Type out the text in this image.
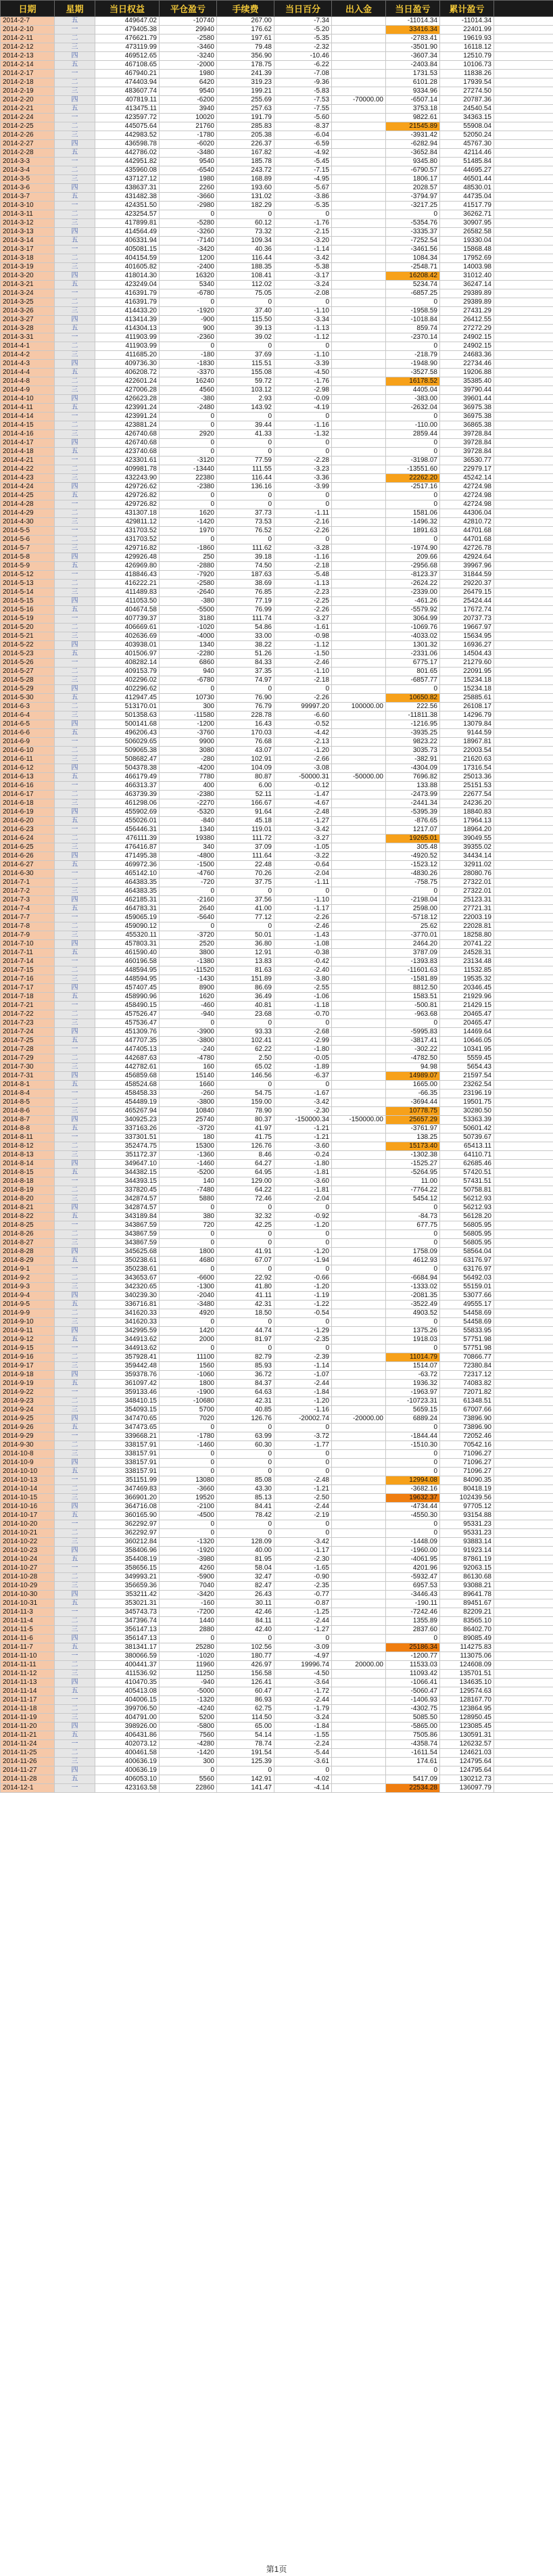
日期	星期	当日权益	平仓盈亏	手续费	当日百分	出入金	当日盈亏	累计盈亏	
2014-2-7	五	449647.02	-10740	267.00	-7.34		-11014.34	-11014.34	
2014-2-10	一	479405.38	29940	176.62	-5.20		33416.34	22401.99	
2014-2-11	二	476621.79	-2580	197.61	-5.35		-2783.41	19619.93	
2014-2-12	三	473119.99	-3460	79.48	-2.32		-3501.90	16118.12	
2014-2-13	四	469512.65	-3240	356.90	-10.46		-3607.34	12510.79	
2014-2-14	五	467108.65	-2000	178.75	-6.22		-2403.84	10106.73	
2014-2-17	一	467940.21	1980	241.39	-7.08		1731.53	11838.26	
2014-2-18	二	474403.94	6420	319.23	-9.36		6101.28	17939.54	
2014-2-19	三	483607.74	9540	199.21	-5.83		9334.96	27274.50	
2014-2-20	四	407819.11	-6200	255.69	-7.53	-70000.00	-6507.14	20787.36	
2014-2-21	五	413475.11	3940	257.63	-7.55		3753.18	24540.54	
2014-2-24	一	423597.72	10020	191.79	-5.60		9822.61	34363.15	
2014-2-25	二	445075.64	21760	285.83	-8.37		21545.89	55908.04	
2014-2-26	三	442983.52	-1780	205.38	-6.04		-3931.42	52050.24	
2014-2-27	四	436598.78	-6020	226.37	-6.59		-6282.94	45767.30	
2014-2-28	五	442786.02	-3480	167.82	-4.92		-3652.84	42114.46	
2014-3-3	一	442951.82	9540	185.78	-5.45		9345.80	51485.84	
2014-3-4	二	435960.08	-6540	243.72	-7.15		-6790.57	44695.27	
2014-3-5	三	437127.12	1980	168.89	-4.95		1806.17	46501.44	
2014-3-6	四	438637.31	2260	193.60	-5.67		2028.57	48530.01	
2014-3-7	五	431482.38	-3660	131.02	-3.86		-3794.97	44735.04	
2014-3-10	一	424351.50	-2980	182.29	-5.35		-3217.25	41517.79	
2014-3-11	二	423254.57	0	0	0		0	36262.71	
2014-3-12	三	417899.81	-5280	60.12	-1.76		-5354.76	30907.95	
2014-3-13	四	414564.49	-3260	73.32	-2.15		-3335.37	26582.58	
2014-3-14	五	406331.94	-7140	109.34	-3.20		-7252.54	19330.04	
2014-3-17	一	405081.15	-3420	40.36	-1.14		-3461.56	15868.48	
2014-3-18	二	404154.59	1200	116.44	-3.42		1084.34	17952.69	
2014-3-19	三	401605.82	-2400	188.35	-5.38		-2548.71	14003.98	
2014-3-20	四	418014.30	16320	108.41	-3.17		16208.42	31012.40	
2014-3-21	五	423249.04	5340	112.02	-3.24		5234.74	36247.14	
2014-3-24	一	416391.79	-6780	75.05	-2.08		-6857.25	29389.89	
2014-3-25	二	416391.79	0	0	0		0	29389.89	
2014-3-26	三	414433.20	-1920	37.40	-1.10		-1958.59	27431.29	
2014-3-27	四	413414.39	-900	115.50	-3.34		-1018.84	26412.55	
2014-3-28	五	414304.13	900	39.13	-1.13		859.74	27272.29	
2014-3-31	一	411903.99	-2360	39.02	-1.12		-2370.14	24902.15	
2014-4-1	二	411903.99	0	0	0		0	24902.15	
2014-4-2	三	411685.20	-180	37.69	-1.10		-218.79	24683.36	
2014-4-3	四	409736.30	-1830	115.51	-3.39		-1948.90	22734.46	
2014-4-4	五	406208.72	-3370	155.08	-4.50		-3527.58	19206.88	
2014-4-8	二	422601.24	16240	59.72	-1.76		16178.52	35385.40	
2014-4-9	三	427006.28	4560	103.12	-2.98		4405.04	39790.44	
2014-4-10	四	426623.28	-380	2.93	-0.09		-383.00	39601.44	
2014-4-11	五	423991.24	-2480	143.92	-4.19		-2632.04	36975.38	
2014-4-14	一	423991.24	0	0	0		0	36975.38	
2014-4-15	二	423881.24	0	39.44	-1.16		-110.00	36865.38	
2014-4-16	三	426740.68	2920	41.33	-1.32		2859.44	39728.84	
2014-4-17	四	426740.68	0	0	0		0	39728.84	
2014-4-18	五	423740.68	0	0	0		0	39728.84	
2014-4-21	一	423301.61	-3120	77.59	-2.28		-3198.07	36530.77	
2014-4-22	二	409981.78	-13440	111.55	-3.23		-13551.60	22979.17	
2014-4-23	三	432243.90	22380	116.44	-3.36		22262.20	45242.14	
2014-4-24	四	429726.62	-2380	136.16	-3.99		-2517.16	42724.98	
2014-4-25	五	429726.82	0	0	0		0	42724.98	
2014-4-28	一	429726.82	0	0	0		0	42724.98	
2014-4-29	二	431307.18	1620	37.73	-1.11		1581.06	44306.04	
2014-4-30	三	429811.12	-1420	73.53	-2.16		-1496.32	42810.72	
2014-5-5	一	431703.52	1970	76.52	-2.26		1891.63	44701.68	
2014-5-6	二	431703.52	0	0	0		0	44701.68	
2014-5-7	三	429716.82	-1860	111.62	-3.28		-1974.90	42726.78	
2014-5-8	四	429926.48	250	39.18	-1.16		209.66	42924.64	
2014-5-9	五	426969.80	-2880	74.50	-2.18		-2956.68	39967.96	
2014-5-12	一	418846.43	-7920	187.63	-5.48		-8123.37	31844.59	
2014-5-13	二	416222.21	-2580	38.69	-1.13		-2624.22	29220.37	
2014-5-14	三	411489.83	-2640	76.85	-2.23		-2339.00	26479.15	
2014-5-15	四	411053.50	-380	77.19	-2.25		-461.26	25424.44	
2014-5-16	五	404674.58	-5500	76.99	-2.26		-5579.92	17672.74	
2014-5-19	一	407739.37	3180	111.74	-3.27		3064.99	20737.73	
2014-5-20	二	406669.61	-1020	54.86	-1.61		-1069.76	19667.97	
2014-5-21	三	402636.69	-4000	33.00	-0.98		-4033.02	15634.95	
2014-5-22	四	403938.01	1340	38.22	-1.12		1301.32	16936.27	
2014-5-23	五	401506.97	-2280	51.26	-1.50		-2331.06	14504.43	
2014-5-26	一	408282.14	6860	84.33	-2.46		6775.17	21279.60	
2014-5-27	二	409153.79	940	37.35	-1.10		801.65	22091.95	
2014-5-28	三	402296.02	-6780	74.97	-2.18		-6857.77	15234.18	
2014-5-29	四	402296.62	0	0	0		0	15234.18	
2014-5-30	五	412947.45	10730	76.90	-2.26		10650.82	25885.61	
2014-6-3	二	513170.01	300	76.79	99997.20	100000.00	222.56	26108.17	
2014-6-4	三	501358.63	-11580	228.78	-6.60		-11811.38	14296.79	
2014-6-5	四	500141.68	-1200	16.43	-0.52		-1216.95	13079.84	
2014-6-6	五	496206.43	-3760	170.03	-4.42		-3935.25	9144.59	
2014-6-9	一	506029.65	9900	76.68	-2.13		9823.22	18967.81	
2014-6-10	二	509065.38	3080	43.07	-1.20		3035.73	22003.54	
2014-6-11	三	508682.47	-280	102.91	-2.66		-382.91	21620.63	
2014-6-12	四	504378.38	-4200	104.09	-3.08		-4304.09	17316.54	
2014-6-13	五	466179.49	7780	80.87	-50000.31	-50000.00	7696.82	25013.36	
2014-6-16	一	466313.37	400	6.00	-0.12		133.88	25151.53	
2014-6-17	二	463739.39	-2380	52.11	-1.47		-2473.99	22677.54	
2014-6-18	三	461298.06	-2270	166.67	-4.67		-2441.34	24236.20	
2014-6-19	四	455902.69	-5320	91.64	-2.48		-5395.39	18840.83	
2014-6-20	五	455026.01	-840	45.18	-1.27		-876.65	17964.13	
2014-6-23	一	456446.31	1340	119.01	-3.42		1217.07	18964.20	
2014-6-24	二	476111.39	19380	111.72	-3.27		19265.01	39049.55	
2014-6-25	三	476416.87	340	37.09	-1.05		305.48	39355.02	
2014-6-26	四	471495.38	-4800	111.64	-3.22		-4920.52	34434.14	
2014-6-27	五	469972.36	-1500	22.48	-0.64		-1523.12	32911.02	
2014-6-30	一	465142.10	-4760	70.26	-2.04		-4830.26	28080.76	
2014-7-1	二	464383.35	-720	37.75	-1.11		-758.75	27322.01	
2014-7-2	三	464383.35	0	0	0		0	27322.01	
2014-7-3	四	462185.31	-2160	37.56	-1.10		-2198.04	25123.31	
2014-7-4	五	464783.31	2640	41.00	-1.17		2598.00	27721.31	
2014-7-7	一	459065.19	-5640	77.12	-2.26		-5718.12	22003.19	
2014-7-8	二	459090.12	0	0	-2.46		25.62	22028.81	
2014-7-9	三	455320.11	-3720	50.01	-1.43		-3770.01	18258.80	
2014-7-10	四	457803.31	2520	36.80	-1.08		2464.20	20741.22	
2014-7-11	五	461590.40	3800	12.91	-0.38		3787.09	24528.31	
2014-7-14	一	460196.58	-1380	13.83	-0.42		-1393.83	23134.48	
2014-7-15	二	448594.95	-11520	81.63	-2.40		-11601.63	11532.85	
2014-7-16	三	448594.95	-1430	151.89	-3.80		-1581.89	19535.32	
2014-7-17	四	457407.45	8900	86.69	-2.55		8812.50	20346.45	
2014-7-18	五	458990.96	1620	36.49	-1.06		1583.51	21929.96	
2014-7-21	一	458490.15	-460	40.81	-1.18		-500.81	21429.15	
2014-7-22	二	457526.47	-940	23.68	-0.70		-963.68	20465.47	
2014-7-23	三	457536.47	0	0	0		0	20465.47	
2014-7-24	四	451309.76	-3900	93.33	-2.68		-5995.83	14469.64	
2014-7-25	五	447707.35	-3800	102.41	-2.99		-3817.41	10646.05	
2014-7-28	一	447405.13	-240	62.22	-1.80		-302.22	10341.95	
2014-7-29	二	442687.63	-4780	2.50	-0.05		-4782.50	5559.45	
2014-7-30	三	442782.61	160	65.02	-1.89		94.98	5654.43	
2014-7-31	四	456859.68	15140	146.56	-6.37		14989.07	21597.54	
2014-8-1	五	458524.68	1660	0	0		1665.00	23262.54	
2014-8-4	一	458458.33	-260	54.75	-1.67		-66.35	23196.19	
2014-8-5	二	454489.19	-3800	159.00	-3.42		-3694.44	19501.75	
2014-8-6	三	465267.94	10840	78.90	-2.30		10778.75	30280.50	
2014-8-7	四	340925.23	25740	80.37	-150000.34	-150000.00	25657.29	53363.39	
2014-8-8	五	337163.26	-3720	41.97	-1.21		-3761.97	50601.42	
2014-8-11	一	337301.51	180	41.75	-1.21		138.25	50739.67	
2014-8-12	二	352474.75	15300	126.76	-3.60		15173.40	65413.11	
2014-8-13	三	351172.37	-1360	8.46	-0.24		-1302.38	64110.71	
2014-8-14	四	349647.10	-1460	64.27	-1.80		-1525.27	62685.46	
2014-8-15	五	344382.15	-5200	64.95	-1.81		-5264.95	57420.51	
2014-8-18	一	344393.15	140	129.00	-3.60		11.00	57431.51	
2014-8-19	二	337820.45	-7480	64.22	-1.81		-7764.22	50758.81	
2014-8-20	三	342874.57	5880	72.46	-2.04		5454.12	56212.93	
2014-8-21	四	342874.57	0	0	0		0	56212.93	
2014-8-22	五	343189.84	380	32.32	-0.92		-84.73	56128.20	
2014-8-25	一	343867.59	720	42.25	-1.20		677.75	56805.95	
2014-8-26	二	343867.59	0	0	0		0	56805.95	
2014-8-27	三	343867.59	0	0	0		0	56805.95	
2014-8-28	四	345625.68	1800	41.91	-1.20		1758.09	58564.04	
2014-8-29	五	350238.61	4680	67.07	-1.94		4612.93	63176.97	
2014-9-1	一	350238.61	0	0	0		0	63176.97	
2014-9-2	二	343653.67	-6600	22.92	-0.66		-6684.94	56492.03	
2014-9-3	三	342320.65	-1300	41.80	-1.20		-1333.02	55159.01	
2014-9-4	四	340239.30	-2040	41.11	-1.19		-2081.35	53077.66	
2014-9-5	五	336716.81	-3480	42.31	-1.22		-3522.49	49555.17	
2014-9-9	二	341620.33	4920	18.50	-0.54		4903.52	54458.69	
2014-9-10	三	341620.33	0	0	0		0	54458.69	
2014-9-11	四	342995.59	1420	44.74	-1.29		1375.26	55833.95	
2014-9-12	五	344913.62	2000	81.97	-2.35		1918.03	57751.98	
2014-9-15	一	344913.62	0	0	0		0	57751.98	
2014-9-16	二	357928.41	11100	82.79	-2.39		11014.79	70866.77	
2014-9-17	三	359442.48	1560	85.93	-1.14		1514.07	72380.84	
2014-9-18	四	359378.76	-1060	36.72	-1.07		-63.72	72317.12	
2014-9-19	五	361097.42	1800	84.37	-2.44		1936.32	74083.82	
2014-9-22	一	359133.46	-1900	64.63	-1.84		-1963.97	72071.82	
2014-9-23	二	348410.15	-10680	42.31	-1.20		-10723.31	61348.51	
2014-9-24	三	354093.15	5700	40.85	-1.16		5659.15	67007.66	
2014-9-25	四	347470.65	7020	126.76	-20002.74	-20000.00	6889.24	73896.90	
2014-9-26	五	347473.65	0	0	0		0	73896.90	
2014-9-29	一	339668.21	-1780	63.99	-3.72		-1844.44	72052.46	
2014-9-30	二	338157.91	-1460	60.30	-1.77		-1510.30	70542.16	
2014-10-8	三	338157.91	0	0	0		0	71096.27	
2014-10-9	四	338157.91	0	0	0		0	71096.27	
2014-10-10	五	338157.91	0	0	0		0	71096.27	
2014-10-13	一	351151.99	13080	85.08	-2.48		12994.08	84090.35	
2014-10-14	二	347469.83	-3660	43.30	-1.21		-3682.16	80418.19	
2014-10-15	三	366901.20	19520	85.13	-2.50		19632.37	102439.56	
2014-10-16	四	364716.08	-2100	84.41	-2.44		-4734.44	97705.12	
2014-10-17	五	360165.90	-4500	78.42	-2.19		-4550.30	93154.88	
2014-10-20	一	362292.97	0	0	0		0	95331.23	
2014-10-21	二	362292.97	0	0	0		0	95331.23	
2014-10-22	三	360212.84	-1320	128.09	-3.42		-1448.09	93883.14	
2014-10-23	四	358406.96	-1920	40.00	-1.17		-1960.00	91923.14	
2014-10-24	五	354408.19	-3980	81.95	-2.30		-4061.95	87861.19	
2014-10-27	一	358656.15	4260	58.04	-1.65		4201.96	92063.15	
2014-10-28	二	349993.21	-5900	32.47	-0.90		-5932.47	86130.68	
2014-10-29	三	356659.36	7040	82.47	-2.35		6957.53	93088.21	
2014-10-30	四	353211.42	-3420	26.43	-0.77		-3446.43	89641.78	
2014-10-31	五	353021.31	-160	30.11	-0.87		-190.11	89451.67	
2014-11-3	一	345743.73	-7200	42.46	-1.25		-7242.46	82209.21	
2014-11-4	二	347396.74	1440	84.11	-2.44		1355.89	83565.10	
2014-11-5	三	356147.13	2880	42.40	-1.27		2837.60	86402.70	
2014-11-6	四	356147.13	0	0	0		0	89085.49	
2014-11-7	五	381341.17	25280	102.56	-3.09		25186.34	114275.83	
2014-11-10	一	380066.59	-1020	180.77	-4.97		-1200.77	113075.06	
2014-11-11	二	400441.37	11960	426.97	19996.74	20000.00	11533.03	124608.09	
2014-11-12	三	411536.92	11250	156.58	-4.50		11093.42	135701.51	
2014-11-13	四	410470.35	-940	126.41	-3.64		-1066.41	134635.10	
2014-11-14	五	405413.08	-5000	60.47	-1.72		-5060.47	129574.63	
2014-11-17	一	404006.15	-1320	86.93	-2.44		-1406.93	128167.70	
2014-11-18	二	399706.50	-4240	62.75	-1.79		-4302.75	123864.95	
2014-11-19	三	404791.00	5200	114.50	-3.24		5085.50	128950.45	
2014-11-20	四	398926.00	-5800	65.00	-1.84		-5865.00	123085.45	
2014-11-21	五	406431.86	7560	54.14	-1.55		7505.86	130591.31	
2014-11-24	一	402073.12	-4280	78.74	-2.24		-4358.74	126232.57	
2014-11-25	二	400461.58	-1420	191.54	-5.44		-1611.54	124621.03	
2014-11-26	三	400636.19	300	125.39	-3.61		174.61	124795.64	
2014-11-27	四	400636.19	0	0	0		0	124795.64	
2014-11-28	五	406053.10	5560	142.91	-4.02		5417.09	130212.73	
2014-12-1	一	423163.58	22860	141.47	-4.14		22534.28	136097.79	
第1页
